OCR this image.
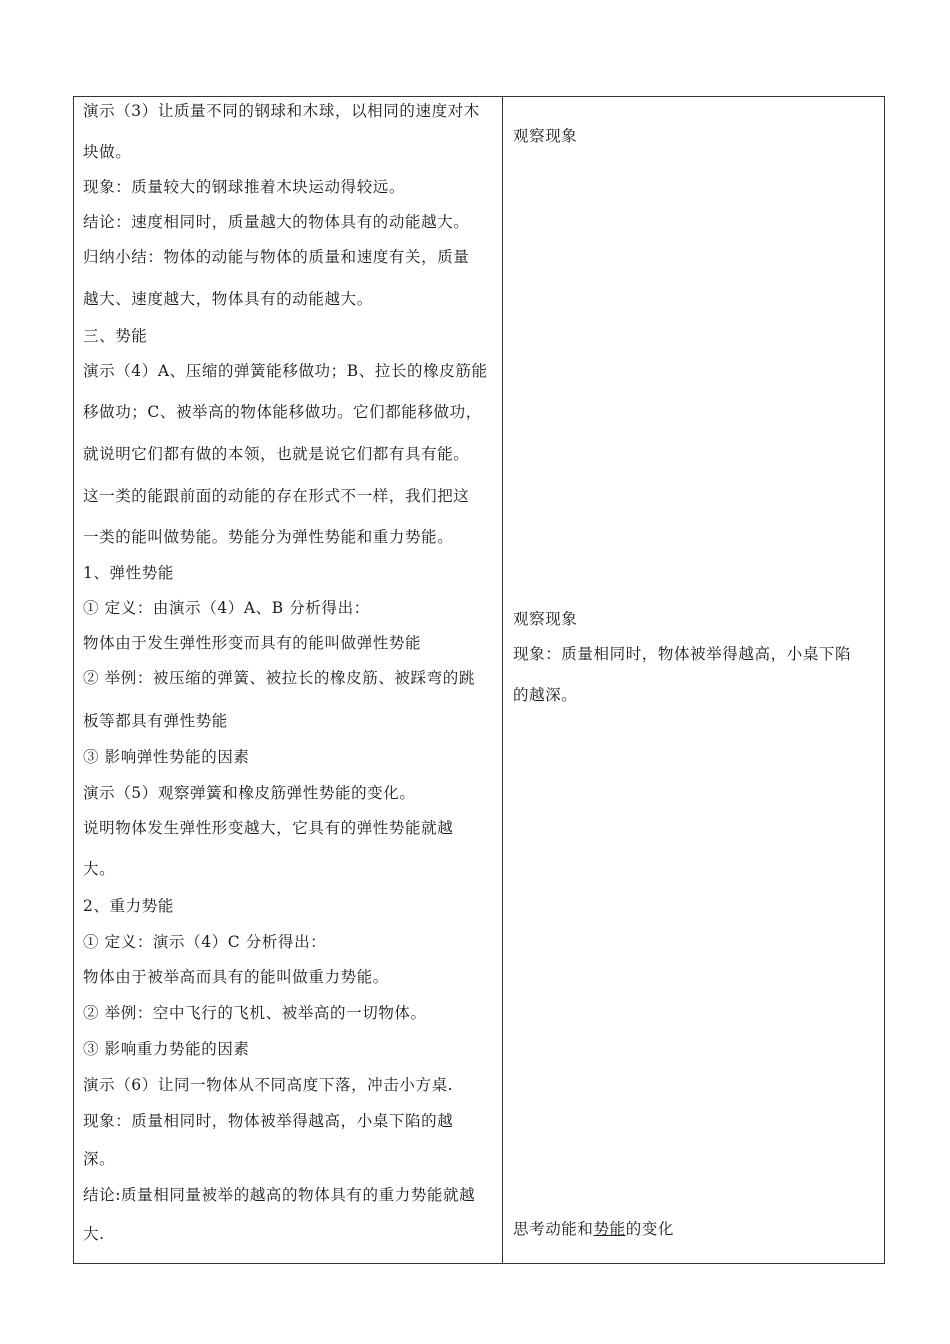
演示（3）让质量不同的钢球和木球，以相同的速度对木
块做。
现象：质量较大的钢球推着木块运动得较远。
结论：速度相同时，质量越大的物体具有的动能越大。
归纳小结：物体的动能与物体的质量和速度有关，质量
越大、速度越大，物体具有的动能越大。
三、势能
演示（4）A、压缩的弹簧能移做功；B、拉长的橡皮筋能
移做功；C、被举高的物体能移做功。它们都能移做功，
就说明它们都有做的本领，也就是说它们都有具有能。
这一类的能跟前面的动能的存在形式不一样，我们把这
一类的能叫做势能。势能分为弹性势能和重力势能。
1、弹性势能
① 定义：由演示（4）A、B 分析得出：
物体由于发生弹性形变而具有的能叫做弹性势能
② 举例：被压缩的弹簧、被拉长的橡皮筋、被踩弯的跳
板等都具有弹性势能
③ 影响弹性势能的因素
演示（5）观察弹簧和橡皮筋弹性势能的变化。
说明物体发生弹性形变越大，它具有的弹性势能就越
大。
2、重力势能
① 定义：演示（4）C 分析得出：
物体由于被举高而具有的能叫做重力势能。
② 举例：空中飞行的飞机、被举高的一切物体。
③ 影响重力势能的因素
演示（6）让同一物体从不同高度下落，冲击小方桌.
现象：质量相同时，物体被举得越高，小桌下陷的越
深。
结论:质量相同量被举的越高的物体具有的重力势能就越
大.
观察现象
观察现象
现象：质量相同时，物体被举得越高，小桌下陷
的越深。
思考动能和势能的变化
